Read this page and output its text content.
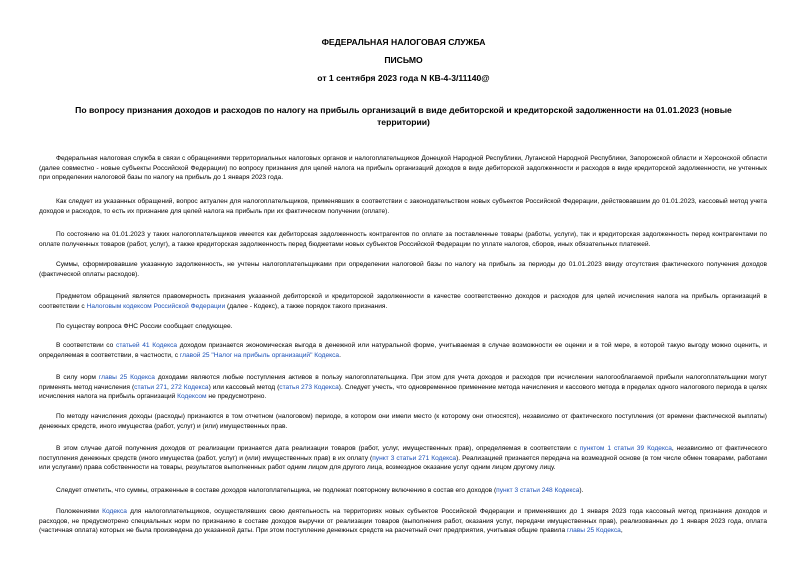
ФЕДЕРАЛЬНАЯ НАЛОГОВАЯ СЛУЖБА
ПИСЬМО
от 1 сентября 2023 года N КВ-4-3/11140@
По вопросу признания доходов и расходов по налогу на прибыль организаций в виде дебиторской и кредиторской задолженности на 01.01.2023 (новые территории)
Федеральная налоговая служба в связи с обращениями территориальных налоговых органов и налогоплательщиков Донецкой Народной Республики, Луганской Народной Республики, Запорожской области и Херсонской области (далее совместно - новые субъекты Российской Федерации) по вопросу признания для целей налога на прибыль организаций доходов в виде дебиторской задолженности и расходов в виде кредиторской задолженности, не учтенных при определении налоговой базы по налогу на прибыль до 1 января 2023 года.
Как следует из указанных обращений, вопрос актуален для налогоплательщиков, применявших в соответствии с законодательством новых субъектов Российской Федерации, действовавшим до 01.01.2023, кассовый метод учета доходов и расходов, то есть их признание для целей налога на прибыль при их фактическом получении (оплате).
По состоянию на 01.01.2023 у таких налогоплательщиков имеется как дебиторская задолженность контрагентов по оплате за поставленные товары (работы, услуги), так и кредиторская задолженность перед контрагентами по оплате полученных товаров (работ, услуг), а также кредиторская задолженность перед бюджетами новых субъектов Российской Федерации по уплате налогов, сборов, иных обязательных платежей.
Суммы, сформировавшие указанную задолженность, не учтены налогоплательщиками при определении налоговой базы по налогу на прибыль за периоды до 01.01.2023 ввиду отсутствия фактического получения доходов (фактической оплаты расходов).
Предметом обращений является правомерность признания указанной дебиторской и кредиторской задолженности в качестве соответственно доходов и расходов для целей исчисления налога на прибыль организаций в соответствии с Налоговым кодексом Российской Федерации (далее - Кодекс), а также порядок такого признания.
По существу вопроса ФНС России сообщает следующее.
В соответствии со статьей 41 Кодекса доходом признается экономическая выгода в денежной или натуральной форме, учитываемая в случае возможности ее оценки и в той мере, в которой такую выгоду можно оценить, и определяемая в соответствии, в частности, с главой 25 "Налог на прибыль организаций" Кодекса.
В силу норм главы 25 Кодекса доходами являются любые поступления активов в пользу налогоплательщика. При этом для учета доходов и расходов при исчислении налогооблагаемой прибыли налогоплательщики могут применять метод начисления (статьи 271, 272 Кодекса) или кассовый метод (статья 273 Кодекса). Следует учесть, что одновременное применение метода начисления и кассового метода в пределах одного налогового периода в целях исчисления налога на прибыль организаций Кодексом не предусмотрено.
По методу начисления доходы (расходы) признаются в том отчетном (налоговом) периоде, в котором они имели место (к которому они относятся), независимо от фактического поступления (от времени фактической выплаты) денежных средств, иного имущества (работ, услуг) и (или) имущественных прав.
В этом случае датой получения доходов от реализации признается дата реализации товаров (работ, услуг, имущественных прав), определяемая в соответствии с пунктом 1 статьи 39 Кодекса, независимо от фактического поступления денежных средств (иного имущества (работ, услуг) и (или) имущественных прав) в их оплату (пункт 3 статьи 271 Кодекса). Реализацией признается передача на возмездной основе (в том числе обмен товарами, работами или услугами) права собственности на товары, результатов выполненных работ одним лицом для другого лица, возмездное оказание услуг одним лицом другому лицу.
Следует отметить, что суммы, отраженные в составе доходов налогоплательщика, не подлежат повторному включению в состав его доходов (пункт 3 статьи 248 Кодекса).
Положениями Кодекса для налогоплательщиков, осуществлявших свою деятельность на территориях новых субъектов Российской Федерации и применявших до 1 января 2023 года кассовый метод признания доходов и расходов, не предусмотрено специальных норм по признанию в составе доходов выручки от реализации товаров (выполнения работ, оказания услуг, передачи имущественных прав), реализованных до 1 января 2023 года, оплата (частичная оплата) которых не была произведена до указанной даты. При этом поступление денежных средств на расчетный счет предприятия, учитывая общие правила главы 25 Кодекса,
